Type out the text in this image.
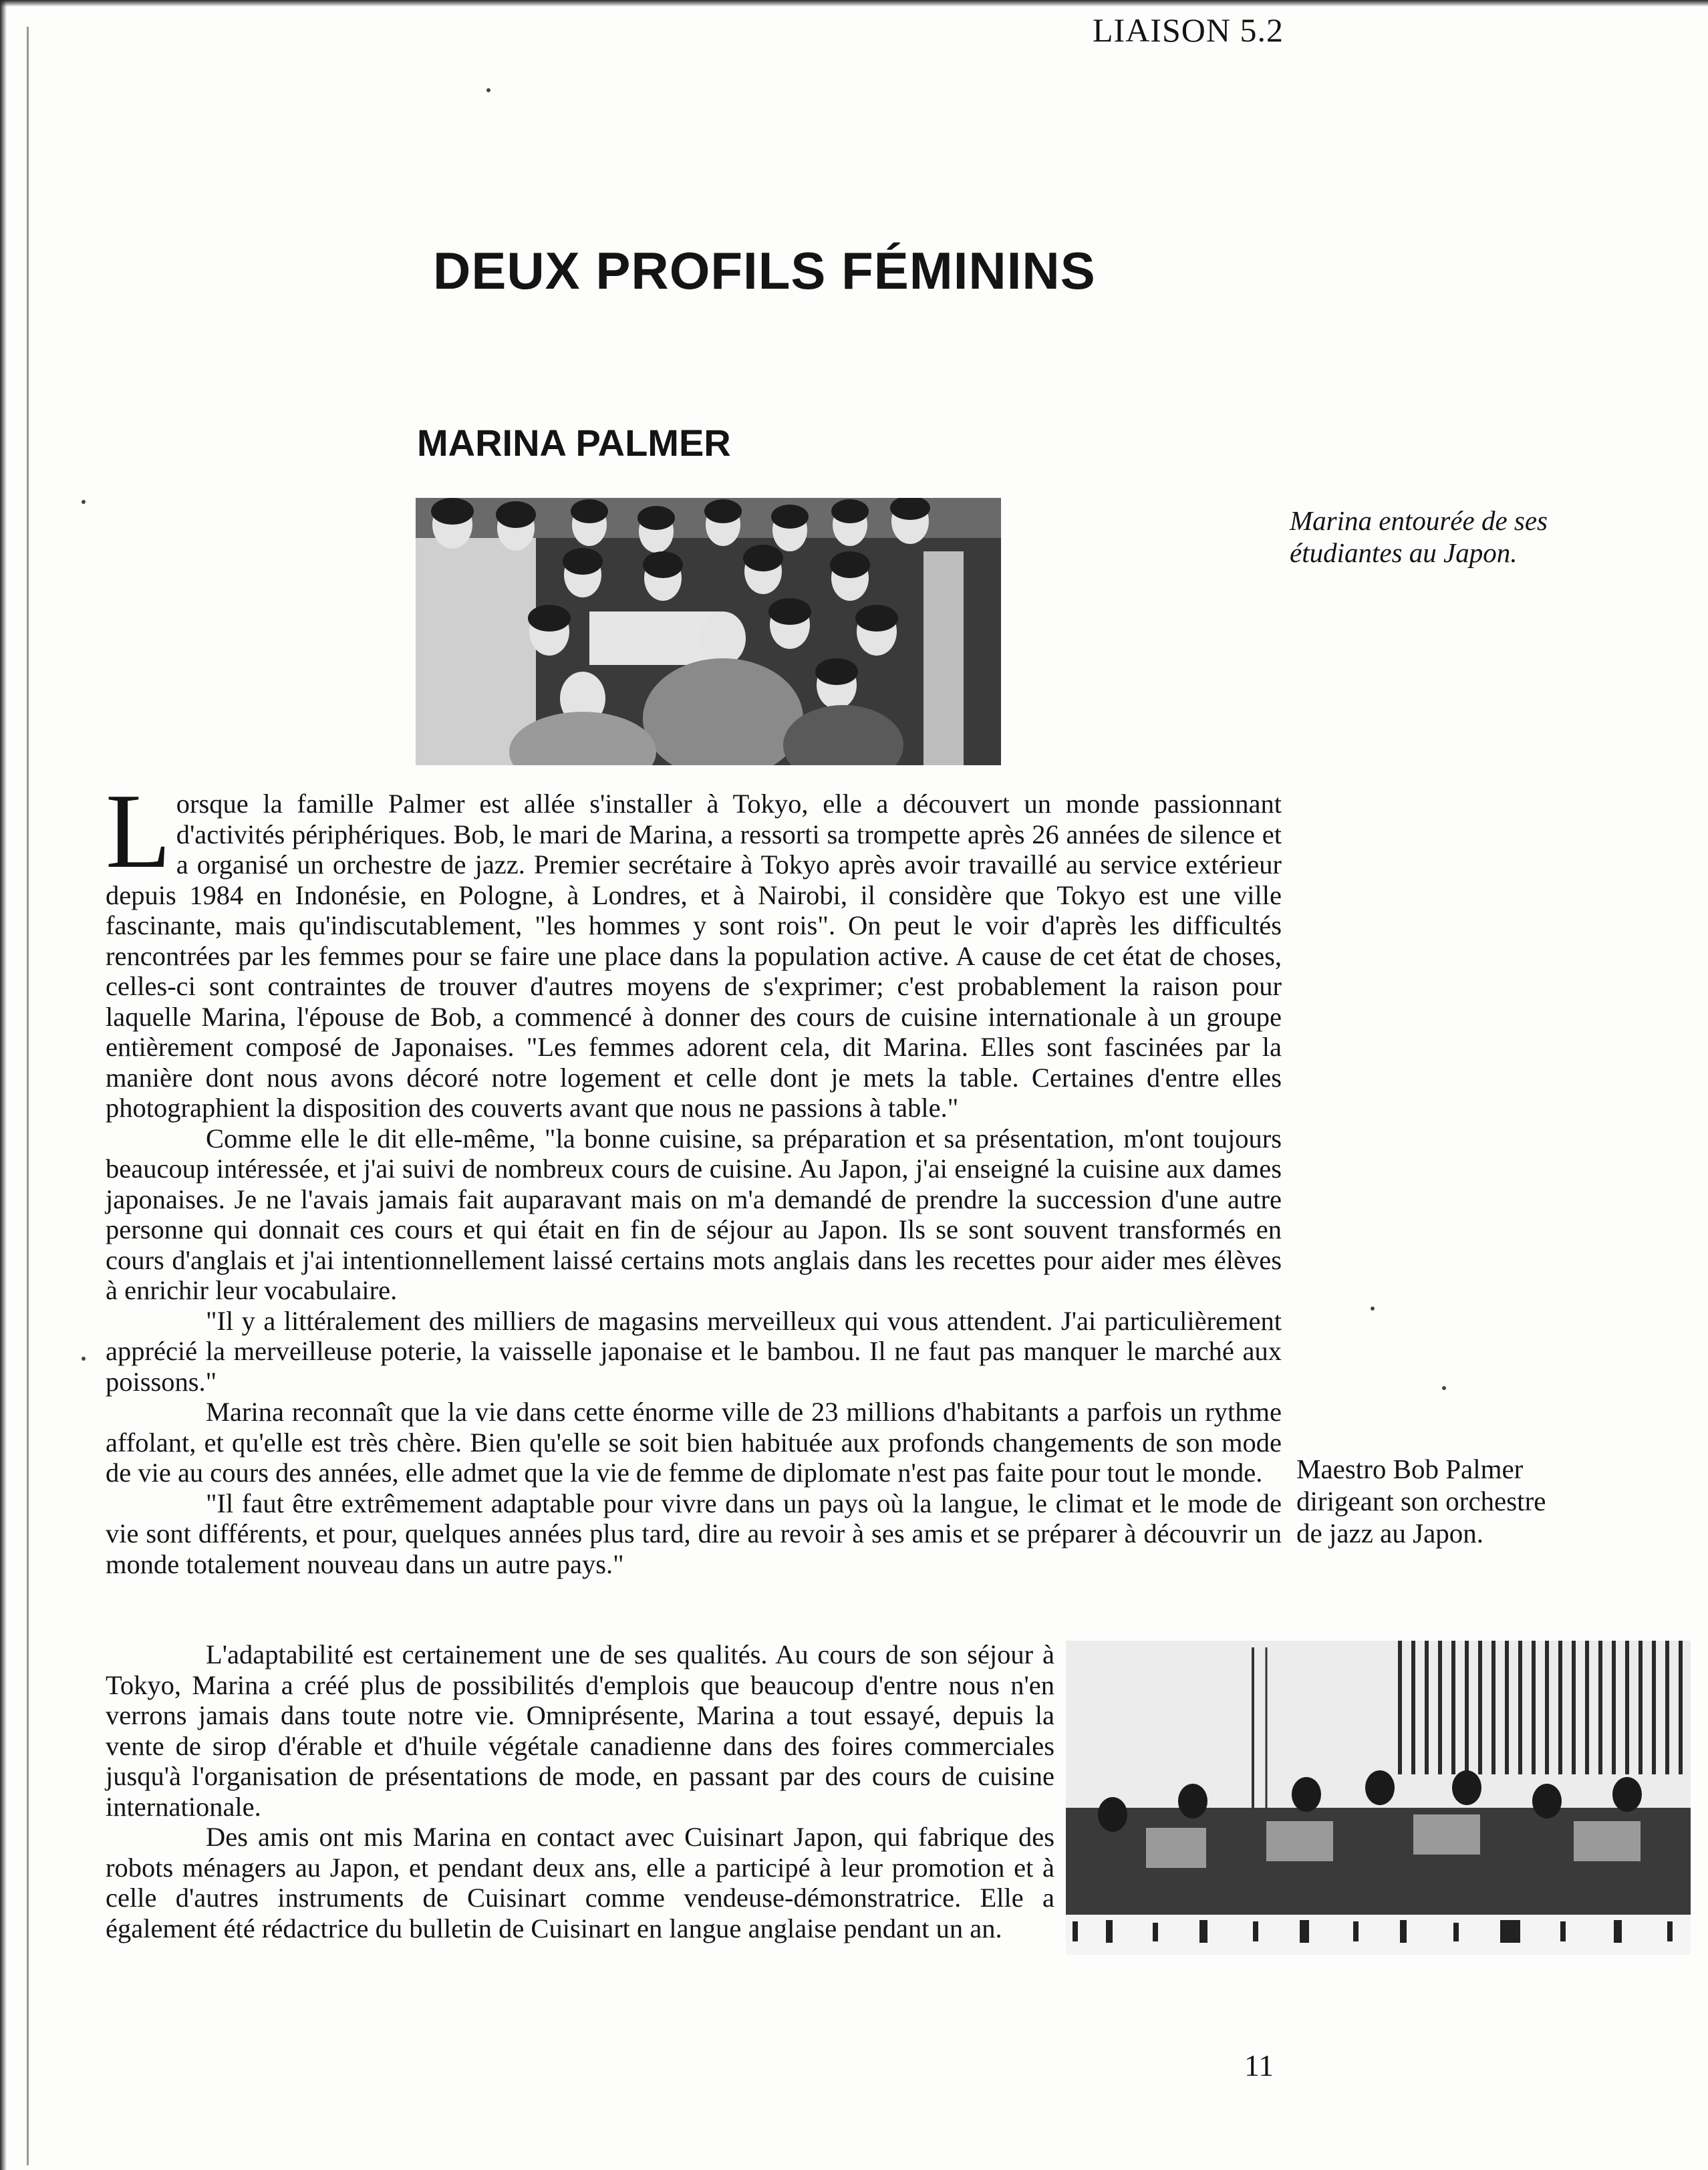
LIAISON 5.2
DEUX PROFILS FÉMININS
MARINA PALMER
Marina entourée de ses étudiantes au Japon.
Maestro Bob Palmer dirigeant son orchestre de jazz au Japon.

Lorsque la famille Palmer est allée s'installer à Tokyo, elle a découvert un monde passionnant d'activités périphériques. Bob, le mari de Marina, a ressorti sa trompette après 26 années de silence et a organisé un orchestre de jazz. Premier secrétaire à Tokyo après avoir travaillé au service extérieur depuis 1984 en Indonésie, en Pologne, à Londres, et à Nairobi, il considère que Tokyo est une ville fascinante, mais qu'indiscutablement, "les hommes y sont rois". On peut le voir d'après les difficultés rencontrées par les femmes pour se faire une place dans la population active. A cause de cet état de choses, celles-ci sont contraintes de trouver d'autres moyens de s'exprimer; c'est probablement la raison pour laquelle Marina, l'épouse de Bob, a commencé à donner des cours de cuisine internationale à un groupe entièrement composé de Japonaises. "Les femmes adorent cela, dit Marina. Elles sont fascinées par la manière dont nous avons décoré notre logement et celle dont je mets la table. Certaines d'entre elles photographient la disposition des couverts avant que nous ne passions à table."

Comme elle le dit elle-même, "la bonne cuisine, sa préparation et sa présentation, m'ont toujours beaucoup intéressée, et j'ai suivi de nombreux cours de cuisine. Au Japon, j'ai enseigné la cuisine aux dames japonaises. Je ne l'avais jamais fait auparavant mais on m'a demandé de prendre la succession d'une autre personne qui donnait ces cours et qui était en fin de séjour au Japon. Ils se sont souvent transformés en cours d'anglais et j'ai intentionnellement laissé certains mots anglais dans les recettes pour aider mes élèves à enrichir leur vocabulaire.

"Il y a littéralement des milliers de magasins merveilleux qui vous attendent. J'ai particulièrement apprécié la merveilleuse poterie, la vaisselle japonaise et le bambou. Il ne faut pas manquer le marché aux poissons."

Marina reconnaît que la vie dans cette énorme ville de 23 millions d'habitants a parfois un rythme affolant, et qu'elle est très chère. Bien qu'elle se soit bien habituée aux profonds changements de son mode de vie au cours des années, elle admet que la vie de femme de diplomate n'est pas faite pour tout le monde.

"Il faut être extrêmement adaptable pour vivre dans un pays où la langue, le climat et le mode de vie sont différents, et pour, quelques années plus tard, dire au revoir à ses amis et se préparer à découvrir un monde totalement nouveau dans un autre pays."

L'adaptabilité est certainement une de ses qualités. Au cours de son séjour à Tokyo, Marina a créé plus de possibilités d'emplois que beaucoup d'entre nous n'en verrons jamais dans toute notre vie. Omniprésente, Marina a tout essayé, depuis la vente de sirop d'érable et d'huile végétale canadienne dans des foires commerciales jusqu'à l'organisation de présentations de mode, en passant par des cours de cuisine internationale.

Des amis ont mis Marina en contact avec Cuisinart Japon, qui fabrique des robots ménagers au Japon, et pendant deux ans, elle a participé à leur promotion et à celle d'autres instruments de Cuisinart comme vendeuse-démonstratrice. Elle a également été rédactrice du bulletin de Cuisinart en langue anglaise pendant un an.

11
